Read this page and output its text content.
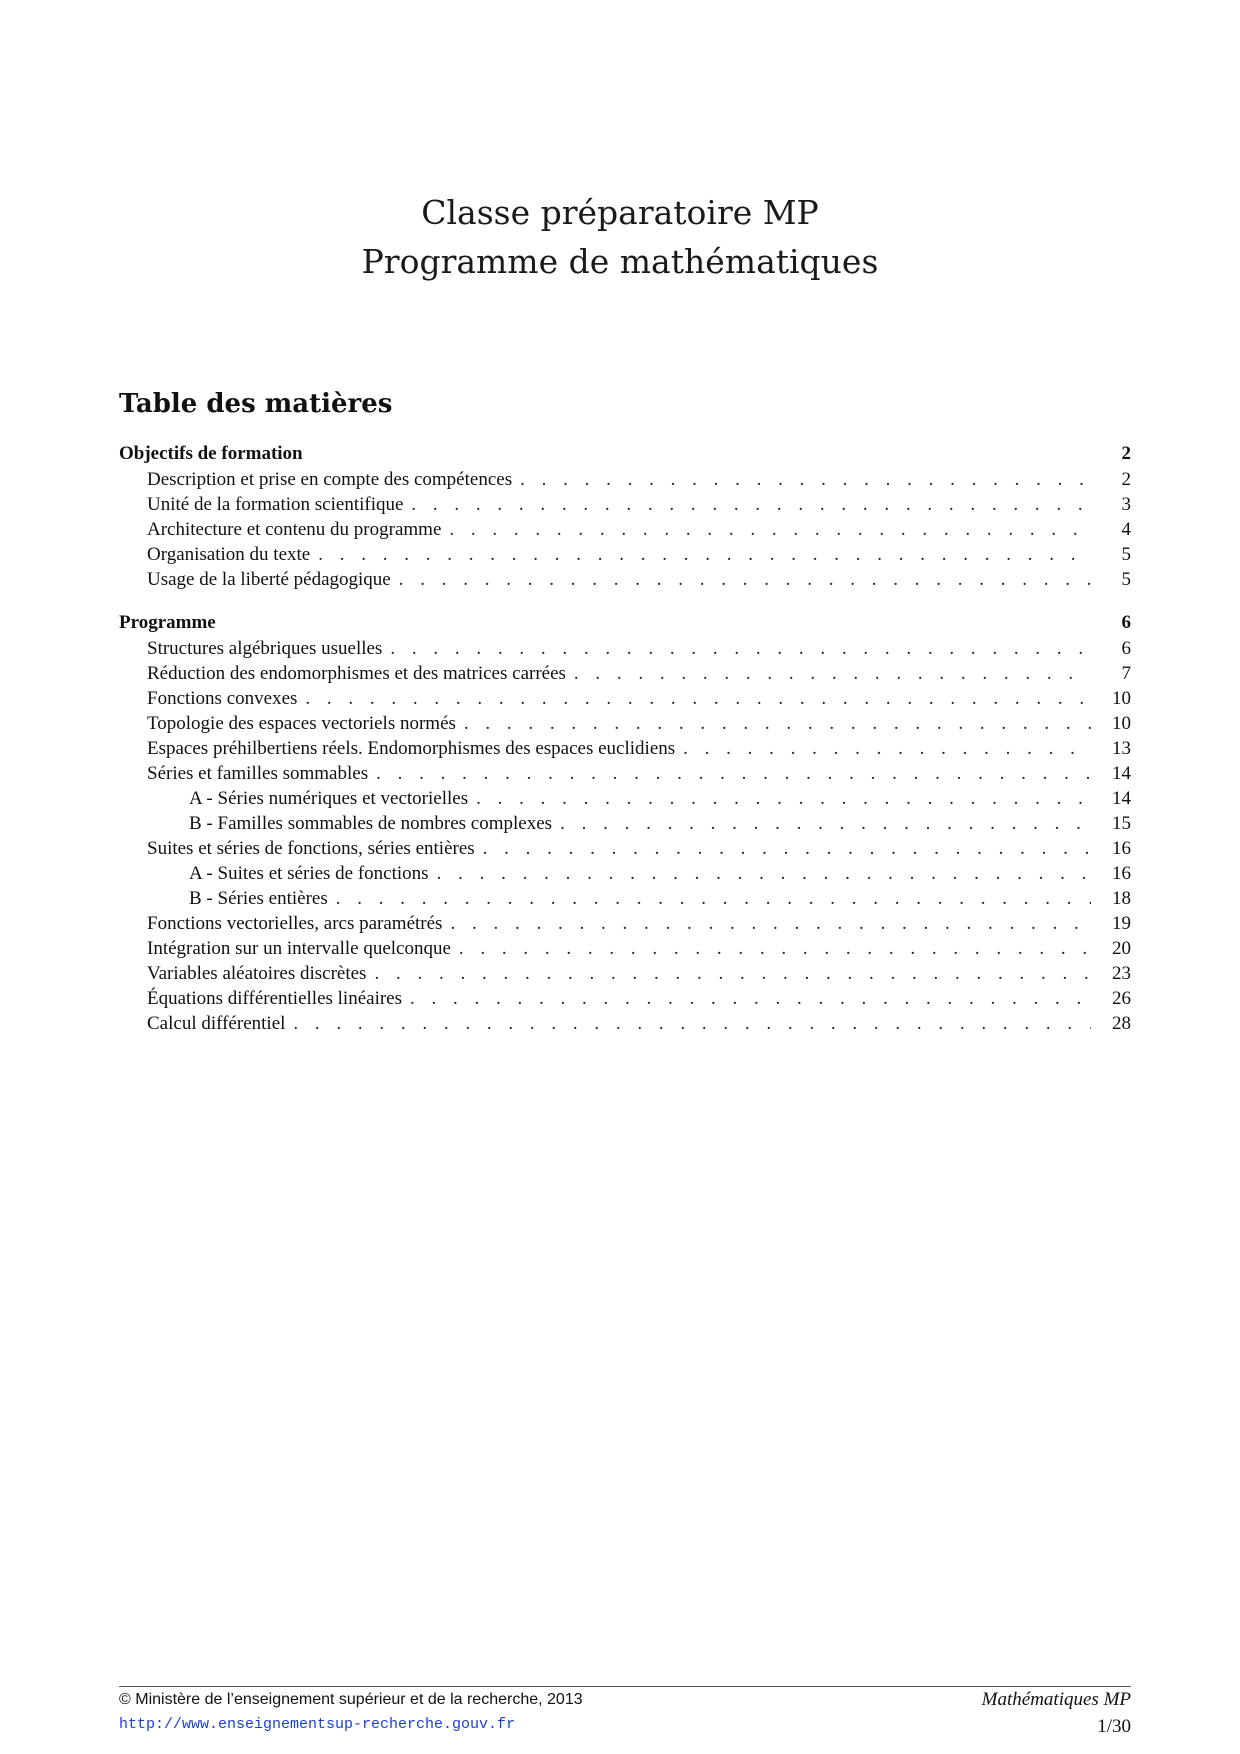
Classe préparatoire MP
Programme de mathématiques
Table des matières
Objectifs de formation	2
Description et prise en compte des compétences . . .	2
Unité de la formation scientifique . . .	3
Architecture et contenu du programme . . .	4
Organisation du texte . . .	5
Usage de la liberté pédagogique . . .	5
Programme	6
Structures algébriques usuelles . . .	6
Réduction des endomorphismes et des matrices carrées . . .	7
Fonctions convexes . . .	10
Topologie des espaces vectoriels normés . . .	10
Espaces préhilbertiens réels. Endomorphismes des espaces euclidiens . . .	13
Séries et familles sommables . . .	14
A - Séries numériques et vectorielles . . .	14
B - Familles sommables de nombres complexes . . .	15
Suites et séries de fonctions, séries entières . . .	16
A - Suites et séries de fonctions . . .	16
B - Séries entières . . .	18
Fonctions vectorielles, arcs paramétrés . . .	19
Intégration sur un intervalle quelconque . . .	20
Variables aléatoires discrètes . . .	23
Équations différentielles linéaires . . .	26
Calcul différentiel . . .	28
© Ministère de l’enseignement supérieur et de la recherche, 2013	Mathématiques MP
http://www.enseignementsup-recherche.gouv.fr	1/30
